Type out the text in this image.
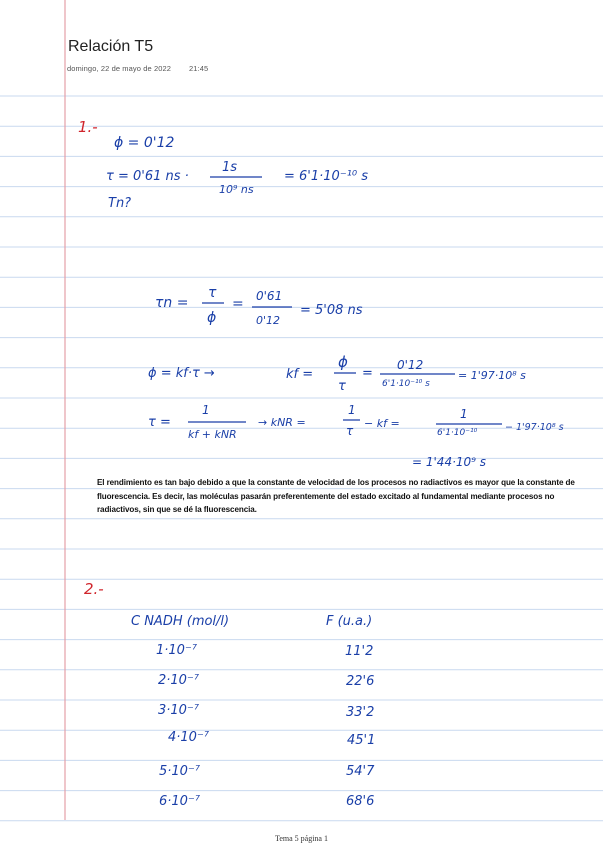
Relación T5
domingo, 22 de mayo de 2022 21:45
1.-
ϕ = 0'12
τ = 0'61 ns ·
1s
10⁹ ns
= 6'1·10⁻¹⁰ s
Tn?
τn =
τ
ϕ
= 0'61
0'12
= 5'08 ns
ϕ = kf·τ →	kf =
ϕ
τ
=
0'12
6'1·10⁻¹⁰ s
= 1'97·10⁸ s
τ =
1
kf + kNR
→ kNR =
1
τ
− kf =
1
6'1·10⁻¹⁰	− 1'97·10⁸ s
= 1'44·10⁹ s
2.-
C NADH (mol/l)	F (u.a.)
1·10⁻⁷	11'2
2·10⁻⁷	22'6
3·10⁻⁷	33'2
4·10⁻⁷	45'1
5·10⁻⁷	54'7
6·10⁻⁷	68'6
El rendimiento es tan bajo debido a que la constante de velocidad de los procesos no radiactivos es mayor que la constante de fluorescencia. Es decir, las moléculas pasarán preferentemente del estado excitado al fundamental mediante procesos no radiactivos, sin que se dé la fluorescencia.
Tema 5 página 1
